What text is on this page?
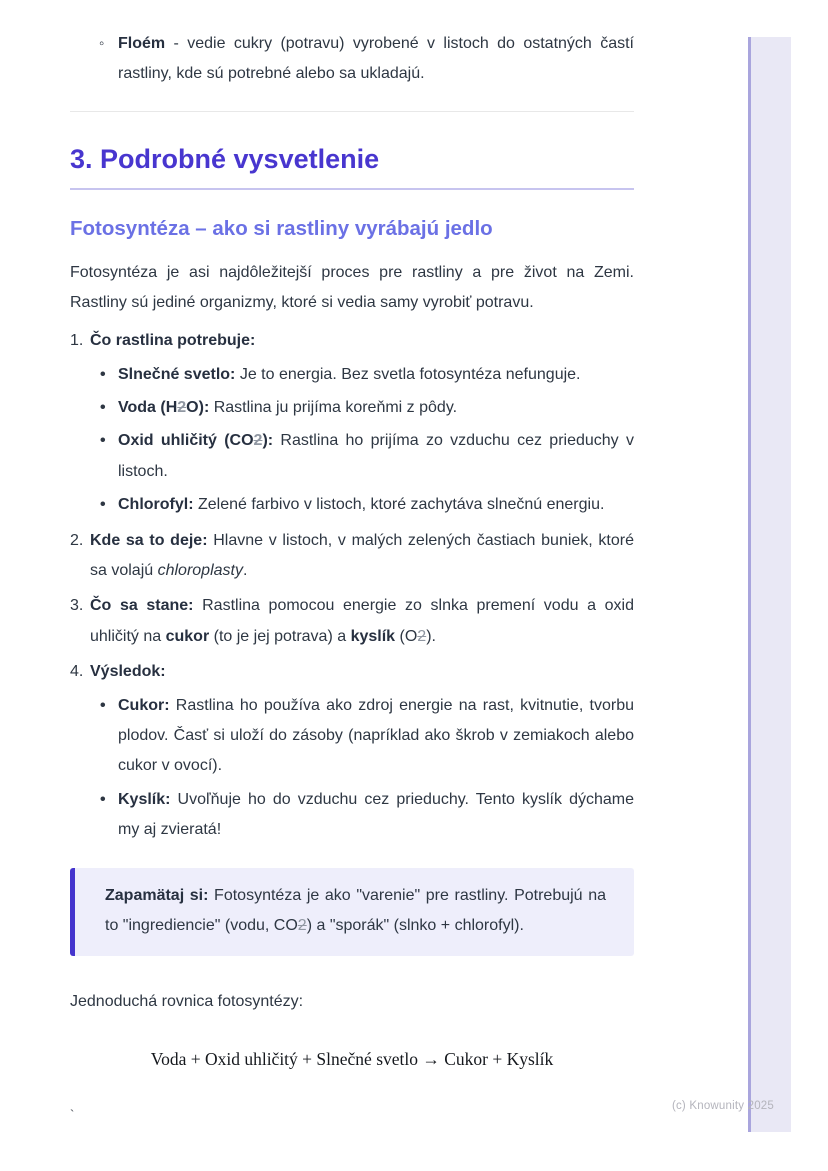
◦

Floém - vedie cukry (potravu) vyrobené v listoch do ostatných častí rastliny, kde sú potrebné alebo sa ukladajú.

3. Podrobné vysvetlenie
Fotosyntéza – ako si rastliny vyrábajú jedlo

Fotosyntéza je asi najdôležitejší proces pre rastliny a pre život na Zemi. Rastliny sú jediné organizmy, ktoré si vedia samy vyrobiť potravu.

1. Čo rastlina potrebuje:

•

Slnečné svetlo: Je to energia. Bez svetla fotosyntéza nefunguje.

•

Voda (H2O): Rastlina ju prijíma koreňmi z pôdy.

•

Oxid uhličitý (CO2): Rastlina ho prijíma zo vzduchu cez prieduchy v listoch.

•

Chlorofyl: Zelené farbivo v listoch, ktoré zachytáva slnečnú energiu.

2. Kde sa to deje: Hlavne v listoch, v malých zelených častiach buniek, ktoré sa volajú chloroplasty.

3. Čo sa stane: Rastlina pomocou energie zo slnka premení vodu a oxid uhličitý na cukor (to je jej potrava) a kyslík (O2).

4. Výsledok:

•

Cukor: Rastlina ho používa ako zdroj energie na rast, kvitnutie, tvorbu plodov. Časť si uloží do zásoby (napríklad ako škrob v zemiakoch alebo cukor v ovocí).

•

Kyslík: Uvoľňuje ho do vzduchu cez prieduchy. Tento kyslík dýchame my aj zvieratá!

Zapamätaj si: Fotosyntéza je ako "varenie" pre rastliny. Potrebujú na to "ingrediencie" (vodu, CO2) a "sporák" (slnko + chlorofyl).

Jednoduchá rovnica fotosyntézy:

Voda + Oxid uhličitý + Slnečné svetlo → Cukor + Kyslík

`

(c) Knowunity 2025
